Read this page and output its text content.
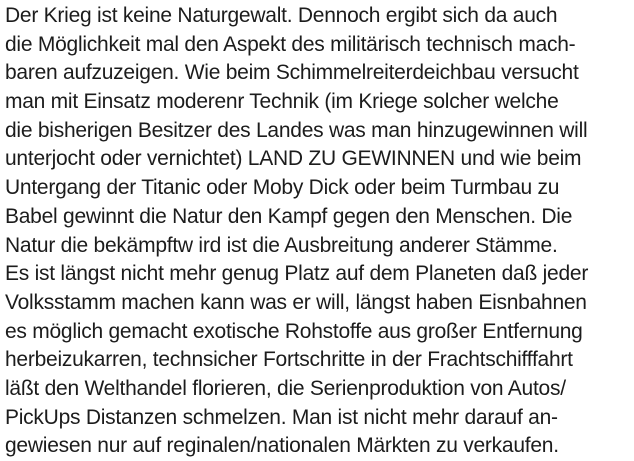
Der Krieg ist keine Naturgewalt. Dennoch ergibt sich da auch
die Möglichkeit mal den Aspekt des militärisch technisch mach-
baren aufzuzeigen. Wie beim Schimmelreiterdeichbau versucht
man mit Einsatz moderenr Technik (im Kriege solcher welche
die bisherigen Besitzer des Landes was man hinzugewinnen will
unterjocht oder vernichtet) LAND ZU GEWINNEN und wie beim
Untergang der Titanic oder Moby Dick oder beim Turmbau zu
Babel gewinnt die Natur den Kampf gegen den Menschen. Die
Natur die bekämpftw ird ist die Ausbreitung anderer Stämme.
Es ist längst nicht mehr genug Platz auf dem Planeten daß jeder
Volksstamm machen kann was er will, längst haben Eisnbahnen
es möglich gemacht exotische Rohstoffe aus großer Entfernung
herbeizukarren, technsicher Fortschritte in der Frachtschifffahrt
läßt den Welthandel florieren, die Serienproduktion von Autos/
PickUps Distanzen schmelzen. Man ist nicht mehr darauf an-
gewiesen nur auf reginalen/nationalen Märkten zu verkaufen.
